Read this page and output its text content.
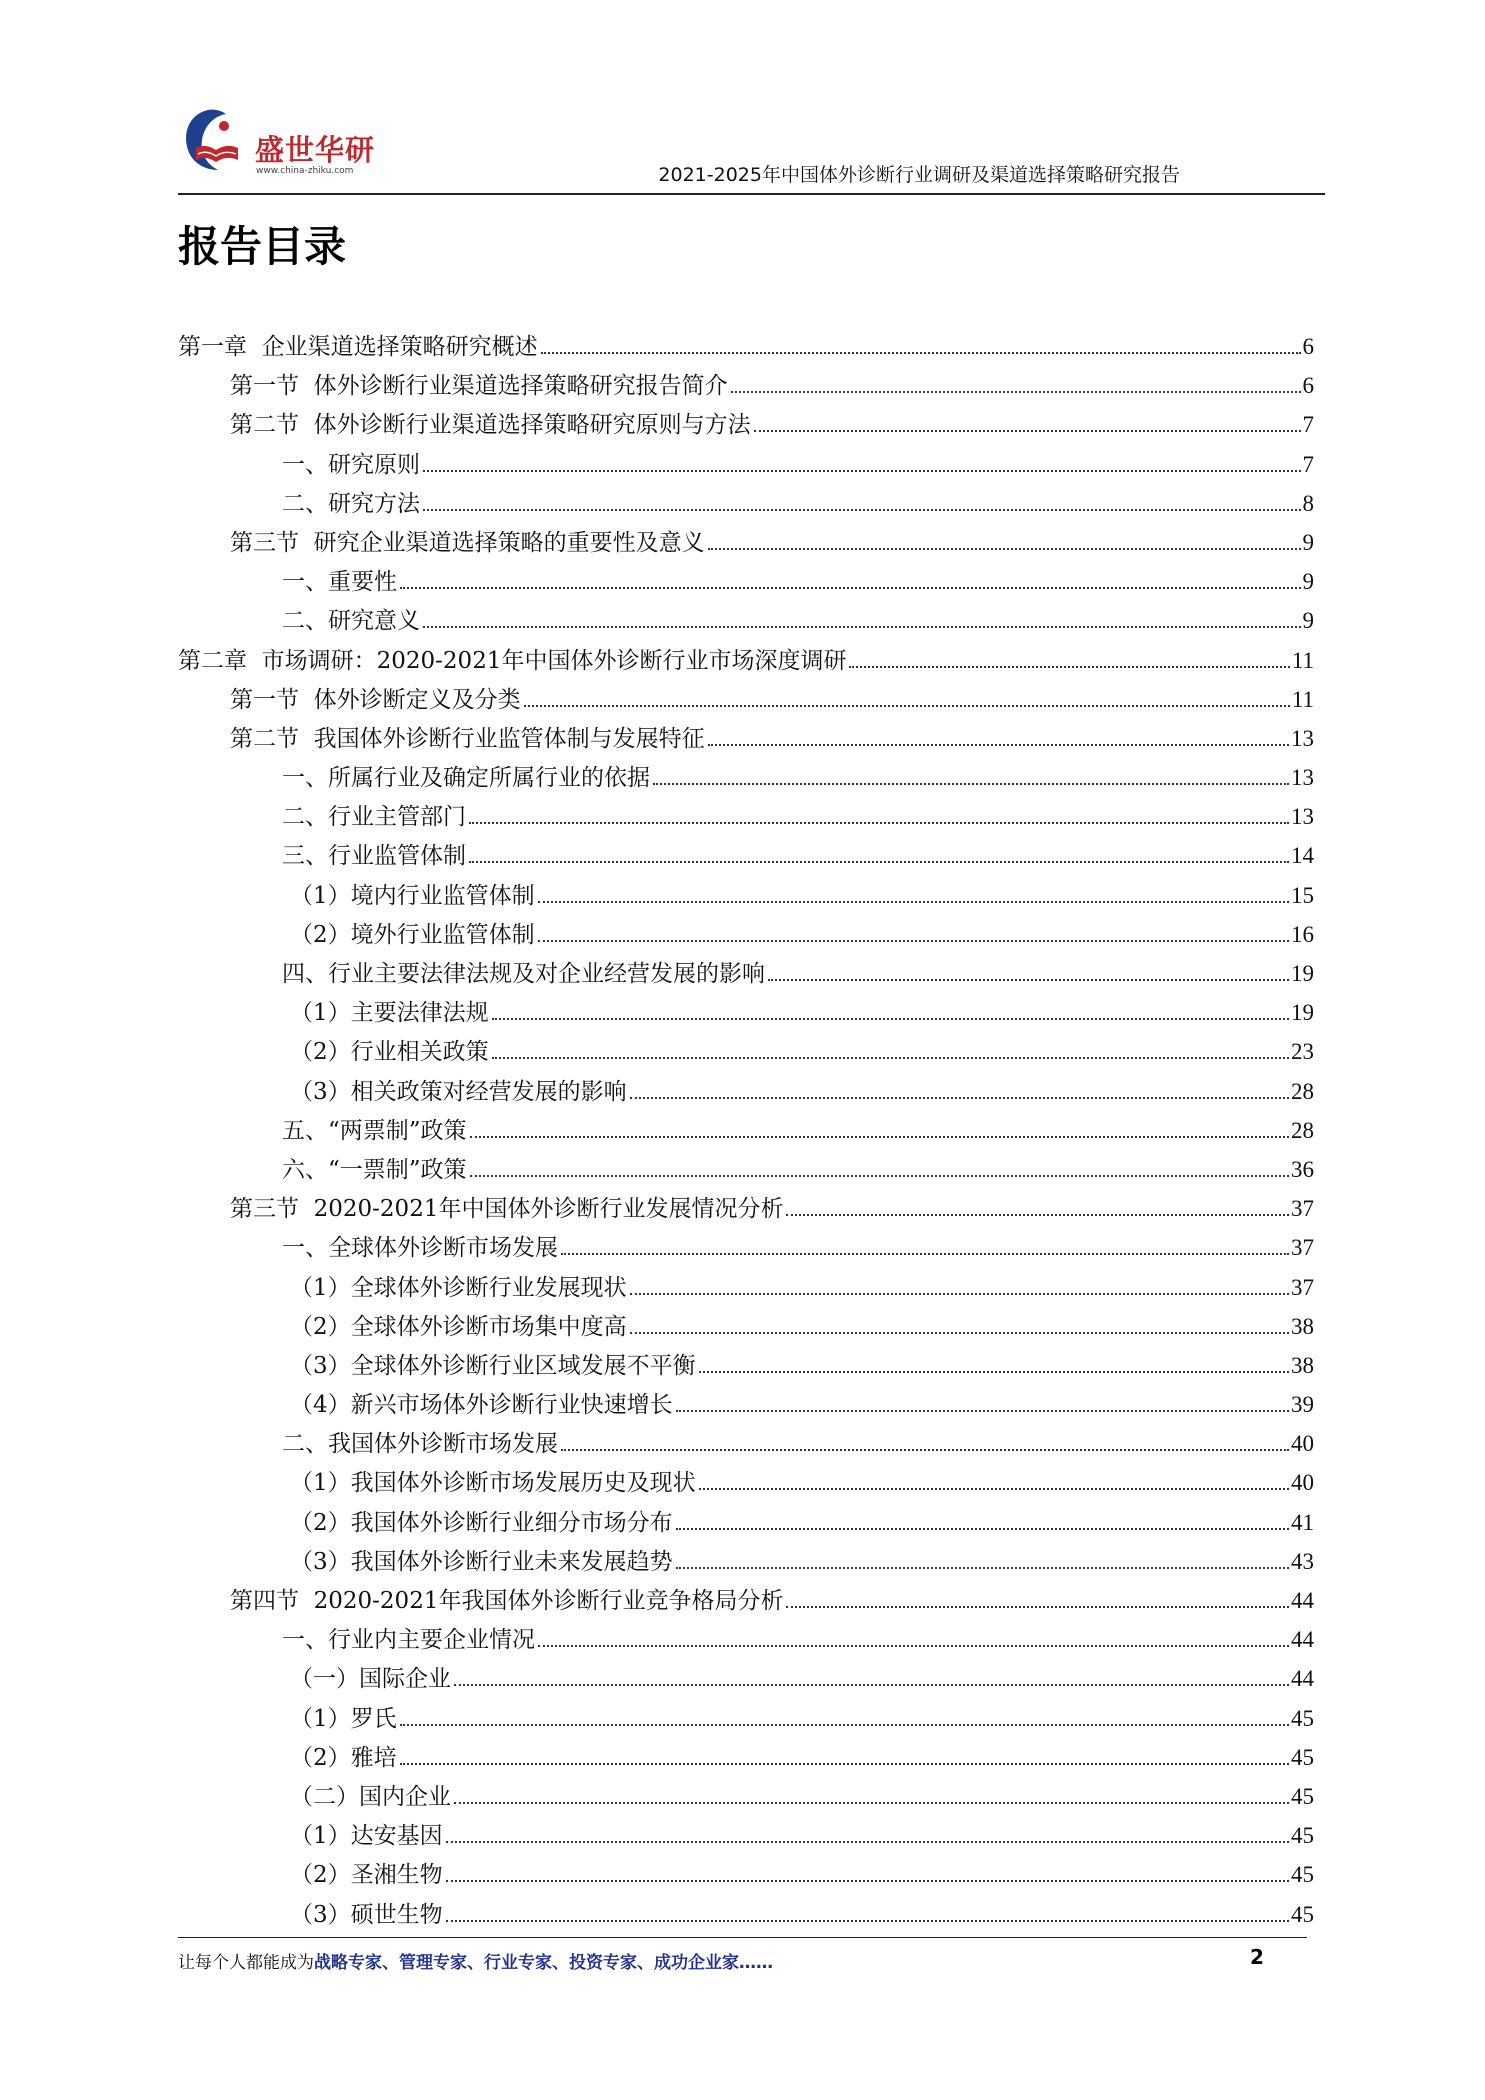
盛世华研
www.china-zhiku.com	2021-2025年中国体外诊断行业调研及渠道选择策略研究报告
报告目录
第一章  企业渠道选择策略研究概述	6
第一节  体外诊断行业渠道选择策略研究报告简介	6
第二节  体外诊断行业渠道选择策略研究原则与方法	7
一、研究原则	7
二、研究方法	8
第三节  研究企业渠道选择策略的重要性及意义	9
一、重要性	9
二、研究意义	9
第二章  市场调研：2020-2021年中国体外诊断行业市场深度调研	11
第一节  体外诊断定义及分类	11
第二节  我国体外诊断行业监管体制与发展特征	13
一、所属行业及确定所属行业的依据	13
二、行业主管部门	13
三、行业监管体制	14
（1）境内行业监管体制	15
（2）境外行业监管体制	16
四、行业主要法律法规及对企业经营发展的影响	19
（1）主要法律法规	19
（2）行业相关政策	23
（3）相关政策对经营发展的影响	28
五、“两票制”政策	28
六、“一票制”政策	36
第三节  2020-2021年中国体外诊断行业发展情况分析	37
一、全球体外诊断市场发展	37
（1）全球体外诊断行业发展现状	37
（2）全球体外诊断市场集中度高	38
（3）全球体外诊断行业区域发展不平衡	38
（4）新兴市场体外诊断行业快速增长	39
二、我国体外诊断市场发展	40
（1）我国体外诊断市场发展历史及现状	40
（2）我国体外诊断行业细分市场分布	41
（3）我国体外诊断行业未来发展趋势	43
第四节  2020-2021年我国体外诊断行业竞争格局分析	44
一、行业内主要企业情况	44
（一）国际企业	44
（1）罗氏	45
（2）雅培	45
（二）国内企业	45
（1）达安基因	45
（2）圣湘生物	45
（3）硕世生物	45
让每个人都能成为战略专家、管理专家、行业专家、投资专家、成功企业家……	2
